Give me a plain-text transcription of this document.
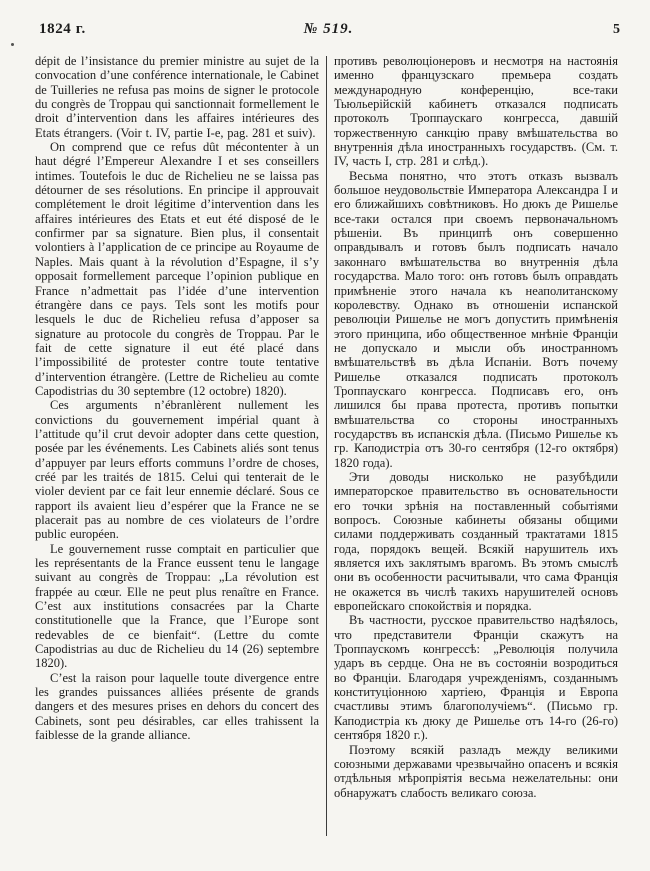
1824 г.	№ 519.	5

dépit de l’insistance du premier ministre au sujet de la convocation d’une conférence internationale, le Cabinet de Tuilleries ne refusa pas moins de signer le protocole du congrès de Troppau qui sanctionnait formellement le droit d’intervention dans les affaires intérieures des Etats étrangers. (Voir t. IV, partie I-e, pag. 281 et suiv).

On comprend que ce refus dût mécontenter à un haut dégré l’Empereur Alexandre I et ses conseillers intimes. Toutefois le duc de Richelieu ne se laissa pas détourner de ses résolutions. En principe il approuvait complétement le droit légitime d’intervention dans les affaires intérieures des Etats et eut été disposé de le confirmer par sa signature. Bien plus, il consentait volontiers à l’application de ce principe au Royaume de Naples. Mais quant à la révolution d’Espagne, il s’y opposait formellement parceque l’opinion publique en France n’admettait pas l’idée d’une intervention étrangère dans ce pays. Tels sont les motifs pour lesquels le duc de Richelieu refusa d’apposer sa signature au protocole du congrès de Troppau. Par le fait de cette signature il eut été placé dans l’impossibilité de protester contre toute tentative d’intervention étrangère. (Lettre de Richelieu au comte Capodistrias du 30 septembre (12 octobre) 1820).

Ces arguments n’ébranlèrent nullement les convictions du gouvernement impérial quant à l’attitude qu’il crut devoir adopter dans cette question, posée par les événements. Les Cabinets aliés sont tenus d’appuyer par leurs efforts communs l’ordre de choses, créé par les traités de 1815. Celui qui tenterait de le violer devient par ce fait leur ennemie déclaré. Sous ce rapport ils avaient lieu d’espérer que la France ne se placerait pas au nombre de ces violateurs de l’ordre public européen.

Le gouvernement russe comptait en particulier que les représentants de la France eussent tenu le langage suivant au congrès de Troppau: „La révolution est frappée au cœur. Elle ne peut plus renaître en France. C’est aux institutions consacrées par la Charte constitutionelle que la France, que l’Europe sont redevables de ce bienfait“. (Lettre du comte Capodistrias au duc de Richelieu du 14 (26) septembre 1820).

C’est la raison pour laquelle toute divergence entre les grandes puissances alliées présente de grands dangers et des mesures prises en dehors du concert des Cabinets, sont peu désirables, car elles trahissent la faiblesse de la grande alliance.

противъ революціонеровъ и несмотря на настоянія именно французскаго премьера создать международную конференцію, все-таки Тьюльерійскій кабинетъ отказался подписать протоколъ Троппаускаго конгресса, давшій торжественную санкцію праву вмѣшательства во внутреннія дѣла иностранныхъ государствъ. (См. т. IV, часть I, стр. 281 и слѣд.).

Весьма понятно, что этотъ отказъ вызвалъ большое неудовольствіе Императора Александра I и его ближайшихъ совѣтниковъ. Но дюкъ де Ришелье все-таки остался при своемъ первоначальномъ рѣшеніи. Въ принципѣ онъ совершенно оправдывалъ и готовъ былъ подписать начало законнаго вмѣшательства во внутреннія дѣла государства. Мало того: онъ готовъ былъ оправдать примѣненіе этого начала къ неаполитанскому королевству. Однако въ отношеніи испанской революціи Ришелье не могъ допустить примѣненія этого принципа, ибо общественное мнѣніе Франціи не допускало и мысли объ иностранномъ вмѣшательствѣ въ дѣла Испаніи. Вотъ почему Ришелье отказался подписать протоколъ Троппаускаго конгресса. Подписавъ его, онъ лишился бы права протеста, противъ попытки вмѣшательства со стороны иностранныхъ государствъ въ испанскія дѣла. (Письмо Ришелье къ гр. Каподистріа отъ 30-го сентября (12-го октября) 1820 года).

Эти доводы нисколько не разубѣдили императорское правительство въ основательности его точки зрѣнія на поставленный событіями вопросъ. Союзные кабинеты обязаны общими силами поддерживать созданный трактатами 1815 года, порядокъ вещей. Всякій нарушитель ихъ является ихъ заклятымъ врагомъ. Въ этомъ смыслѣ они въ особенности расчитывали, что сама Франція не окажется въ числѣ такихъ нарушителей основъ европейскаго спокойствія и порядка.

Въ частности, русское правительство надѣялось, что представители Франціи скажутъ на Троппаускомъ конгрессѣ: „Революція получила ударъ въ сердце. Она не въ состояніи возродиться во Франціи. Благодаря учрежденіямъ, созданнымъ конституціонною хартіею, Франція и Европа счастливы этимъ благополучіемъ“. (Письмо гр. Каподистріа къ дюку де Ришелье отъ 14-го (26-го) сентября 1820 г.).

Поэтому всякій разладъ между великими союзными державами чрезвычайно опасенъ и всякія отдѣльныя мѣропріятія весьма нежелательны: они обнаружатъ слабость великаго союза.
